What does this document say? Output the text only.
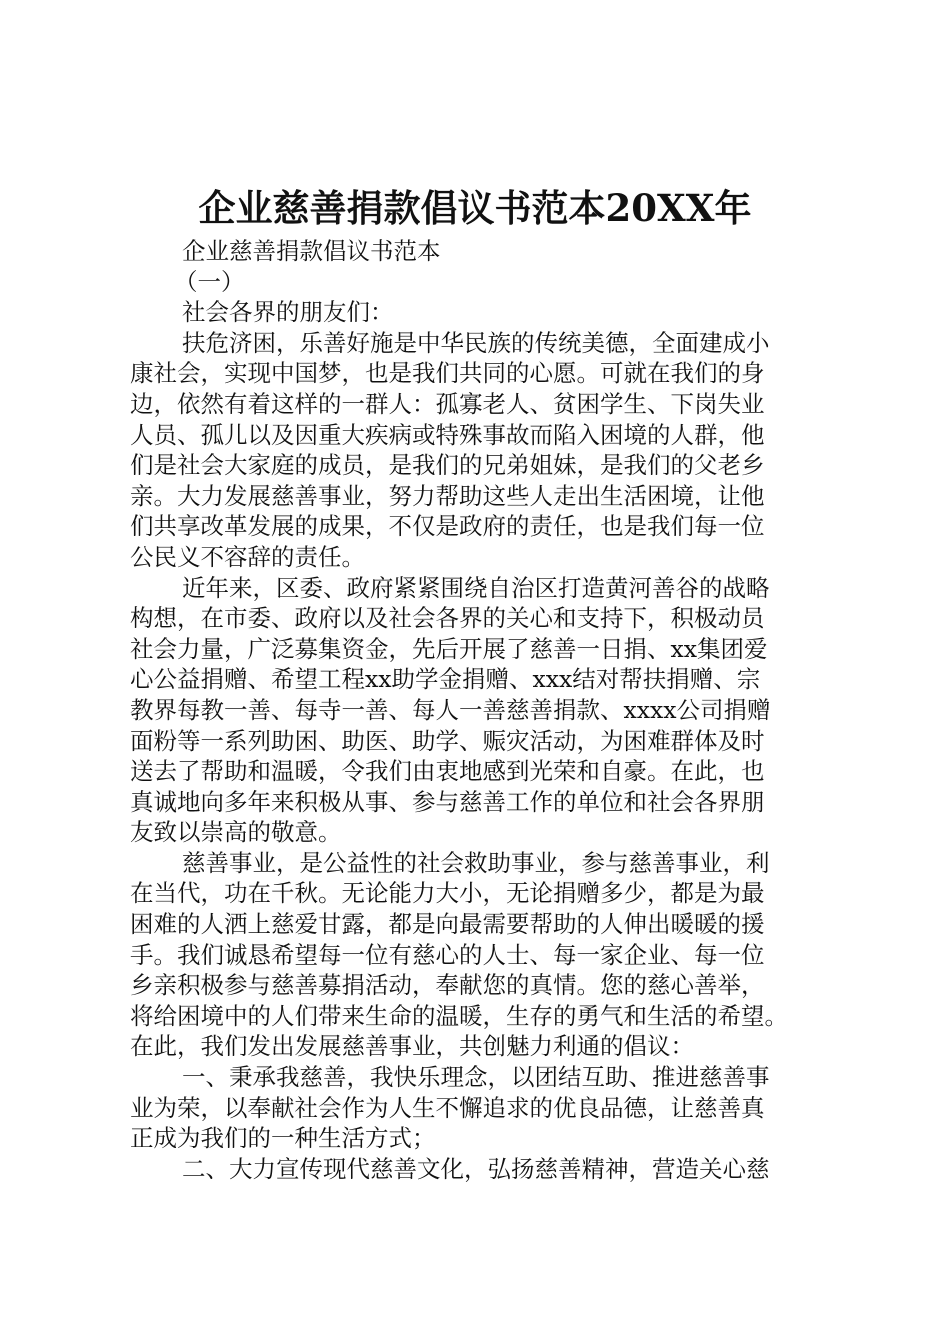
企业慈善捐款倡议书范本20XX年
企业慈善捐款倡议书范本
（一）
社会各界的朋友们：
扶危济困，乐善好施是中华民族的传统美德，全面建成小
康社会，实现中国梦，也是我们共同的心愿。可就在我们的身
边，依然有着这样的一群人：孤寡老人、贫困学生、下岗失业
人员、孤儿以及因重大疾病或特殊事故而陷入困境的人群，他
们是社会大家庭的成员，是我们的兄弟姐妹，是我们的父老乡
亲。大力发展慈善事业，努力帮助这些人走出生活困境，让他
们共享改革发展的成果，不仅是政府的责任，也是我们每一位
公民义不容辞的责任。
近年来，区委、政府紧紧围绕自治区打造黄河善谷的战略
构想，在市委、政府以及社会各界的关心和支持下，积极动员
社会力量，广泛募集资金，先后开展了慈善一日捐、xx集团爱
心公益捐赠、希望工程xx助学金捐赠、xxx结对帮扶捐赠、宗
教界每教一善、每寺一善、每人一善慈善捐款、xxxx公司捐赠
面粉等一系列助困、助医、助学、赈灾活动，为困难群体及时
送去了帮助和温暖，令我们由衷地感到光荣和自豪。在此，也
真诚地向多年来积极从事、参与慈善工作的单位和社会各界朋
友致以崇高的敬意。
慈善事业，是公益性的社会救助事业，参与慈善事业，利
在当代，功在千秋。无论能力大小，无论捐赠多少，都是为最
困难的人洒上慈爱甘露，都是向最需要帮助的人伸出暖暖的援
手。我们诚恳希望每一位有慈心的人士、每一家企业、每一位
乡亲积极参与慈善募捐活动，奉献您的真情。您的慈心善举，
将给困境中的人们带来生命的温暖，生存的勇气和生活的希望。
在此，我们发出发展慈善事业，共创魅力利通的倡议：
一、秉承我慈善，我快乐理念，以团结互助、推进慈善事
业为荣，以奉献社会作为人生不懈追求的优良品德，让慈善真
正成为我们的一种生活方式；
二、大力宣传现代慈善文化，弘扬慈善精神，营造关心慈
